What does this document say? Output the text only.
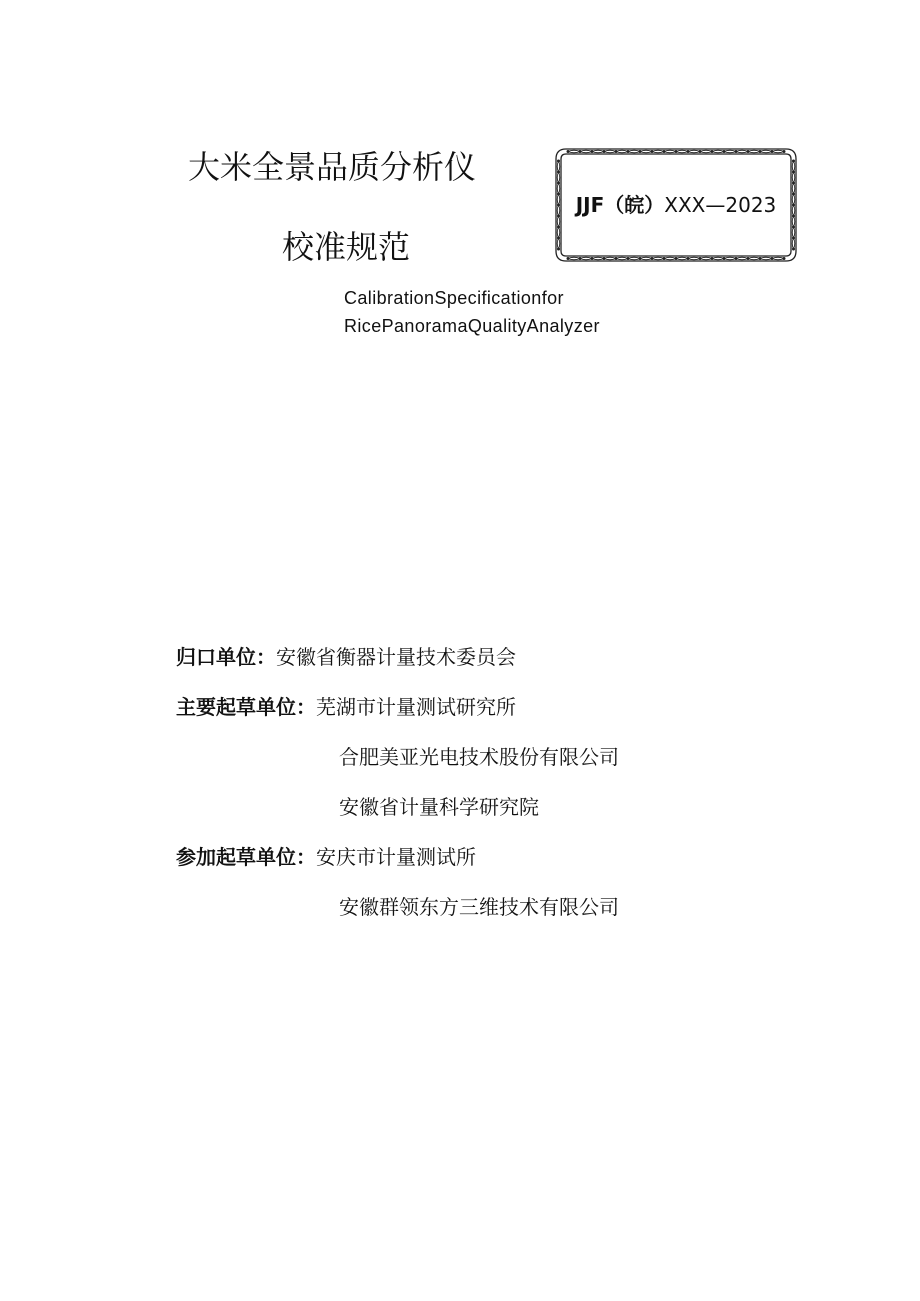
大米全景品质分析仪
校准规范
JJF（皖）XXX—2023
CalibrationSpecificationfor
RicePanoramaQualityAnalyzer
归口单位：安徽省衡器计量技术委员会
主要起草单位：芜湖市计量测试研究所
合肥美亚光电技术股份有限公司
安徽省计量科学研究院
参加起草单位：安庆市计量测试所
安徽群领东方三维技术有限公司
